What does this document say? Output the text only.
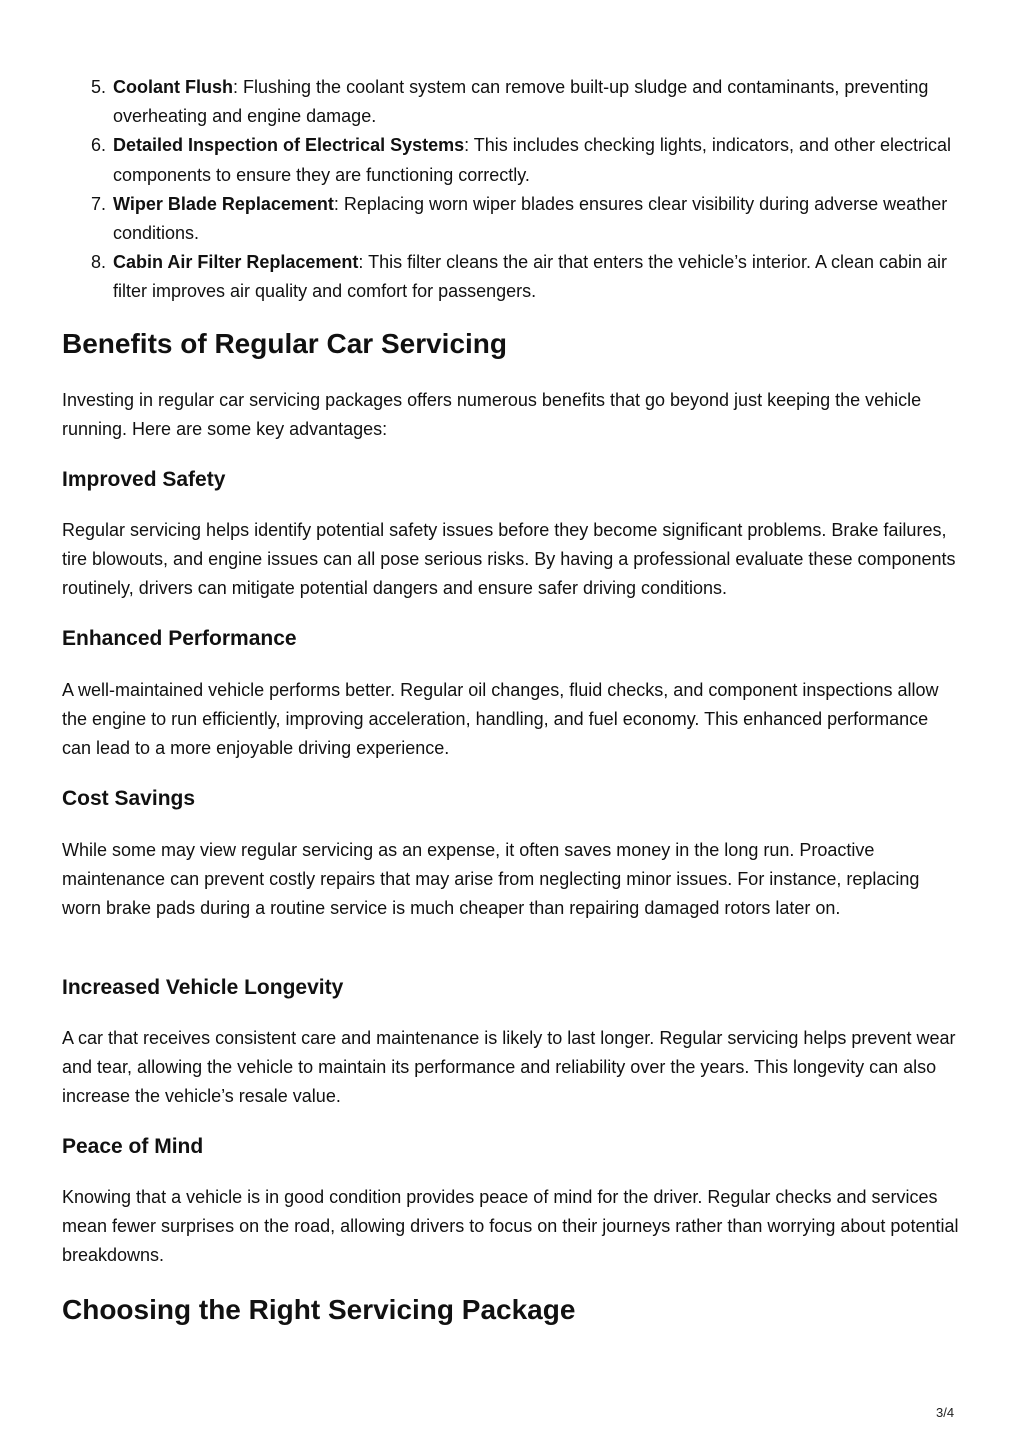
5. Coolant Flush: Flushing the coolant system can remove built-up sludge and contaminants, preventing overheating and engine damage.
6. Detailed Inspection of Electrical Systems: This includes checking lights, indicators, and other electrical components to ensure they are functioning correctly.
7. Wiper Blade Replacement: Replacing worn wiper blades ensures clear visibility during adverse weather conditions.
8. Cabin Air Filter Replacement: This filter cleans the air that enters the vehicle’s interior. A clean cabin air filter improves air quality and comfort for passengers.
Benefits of Regular Car Servicing

Investing in regular car servicing packages offers numerous benefits that go beyond just keeping the vehicle running. Here are some key advantages:

Improved Safety

Regular servicing helps identify potential safety issues before they become significant problems. Brake failures, tire blowouts, and engine issues can all pose serious risks. By having a professional evaluate these components routinely, drivers can mitigate potential dangers and ensure safer driving conditions.

Enhanced Performance

A well-maintained vehicle performs better. Regular oil changes, fluid checks, and component inspections allow the engine to run efficiently, improving acceleration, handling, and fuel economy. This enhanced performance can lead to a more enjoyable driving experience.

Cost Savings

While some may view regular servicing as an expense, it often saves money in the long run. Proactive maintenance can prevent costly repairs that may arise from neglecting minor issues. For instance, replacing worn brake pads during a routine service is much cheaper than repairing damaged rotors later on.

Increased Vehicle Longevity

A car that receives consistent care and maintenance is likely to last longer. Regular servicing helps prevent wear and tear, allowing the vehicle to maintain its performance and reliability over the years. This longevity can also increase the vehicle’s resale value.

Peace of Mind

Knowing that a vehicle is in good condition provides peace of mind for the driver. Regular checks and services mean fewer surprises on the road, allowing drivers to focus on their journeys rather than worrying about potential breakdowns.

Choosing the Right Servicing Package
3/4
